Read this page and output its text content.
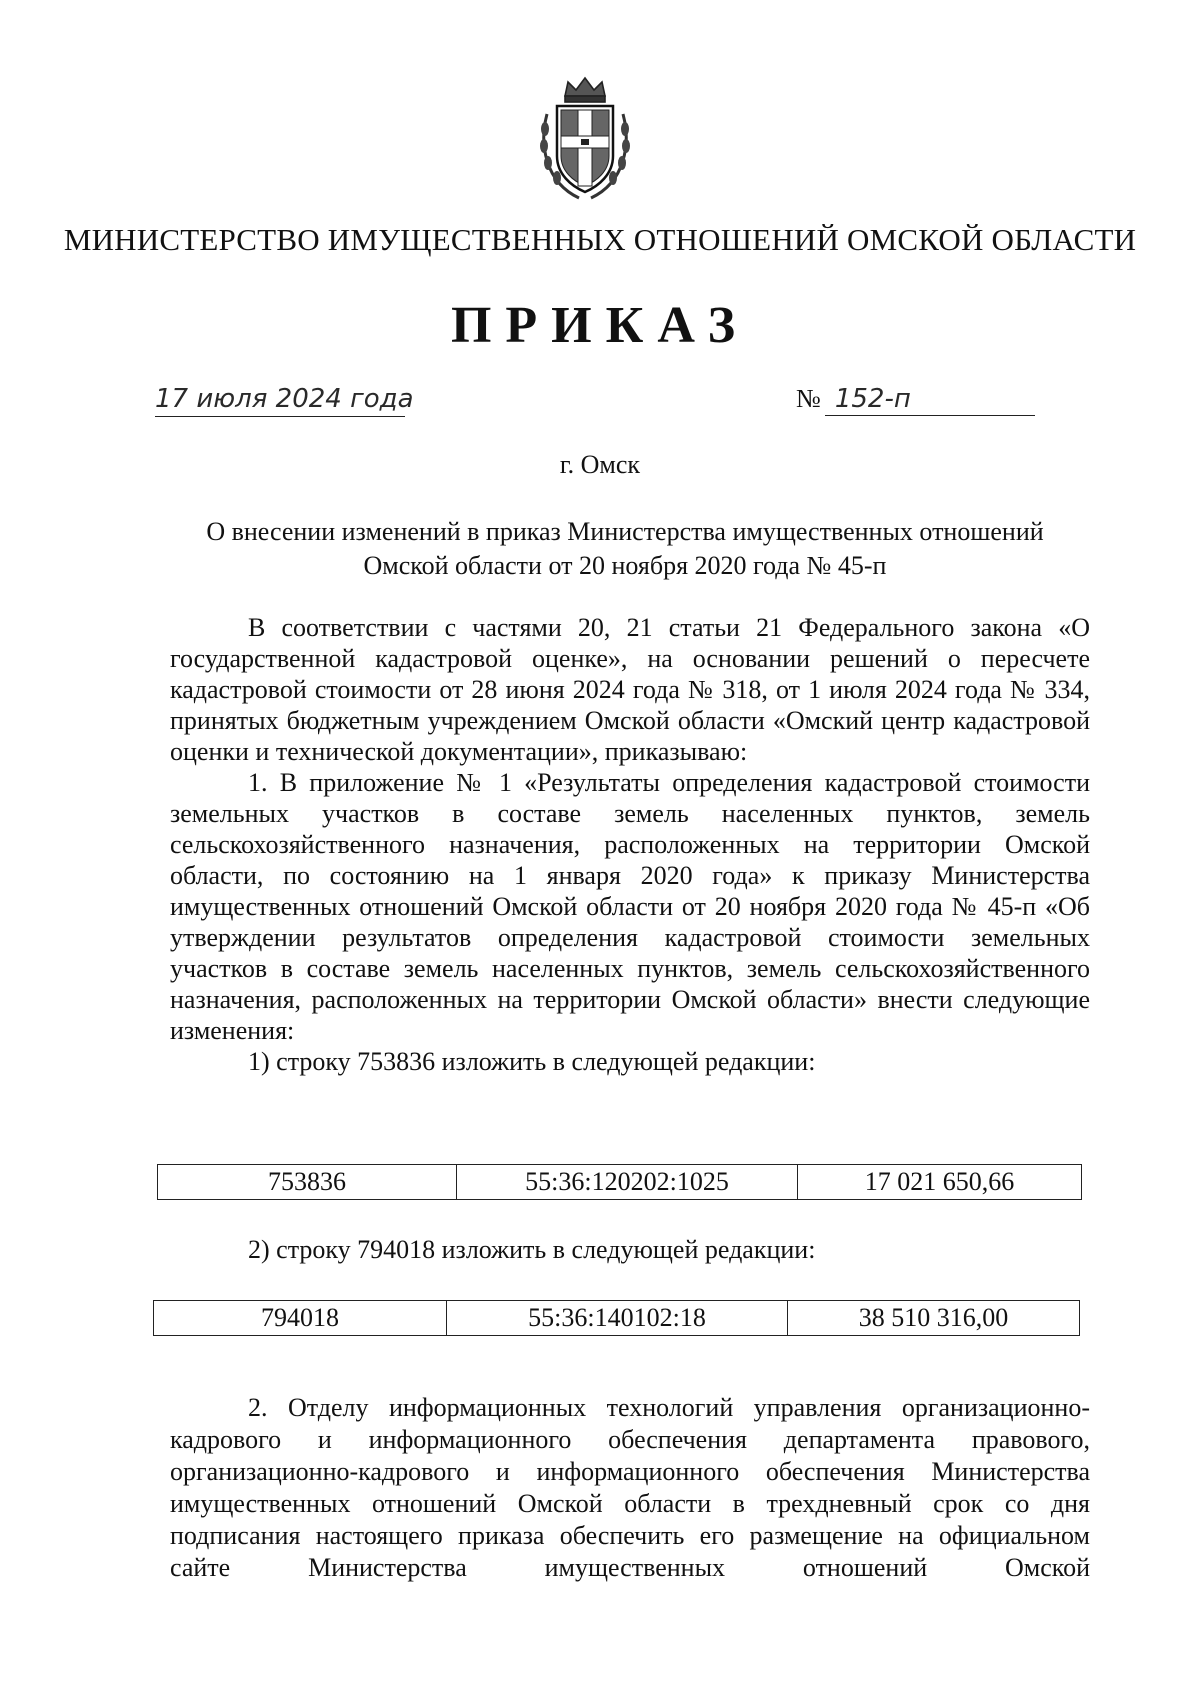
МИНИСТЕРСТВО ИМУЩЕСТВЕННЫХ ОТНОШЕНИЙ ОМСКОЙ ОБЛАСТИ
ПРИКАЗ
17 июля 2024 года	№ 152-п
г. Омск
О внесении изменений в приказ Министерства имущественных отношений
Омской области от 20 ноября 2020 года № 45-п

В соответствии с частями 20, 21 статьи 21 Федерального закона «О государственной кадастровой оценке», на основании решений о пересчете кадастровой стоимости от 28 июня 2024 года № 318, от 1 июля 2024 года № 334, принятых бюджетным учреждением Омской области «Омский центр кадастровой оценки и технической документации», приказываю:

1. В приложение № 1 «Результаты определения кадастровой стоимости земельных участков в составе земель населенных пунктов, земель сельскохозяйственного назначения, расположенных на территории Омской области, по состоянию на 1 января 2020 года» к приказу Министерства имущественных отношений Омской области от 20 ноября 2020 года № 45-п «Об утверждении результатов определения кадастровой стоимости земельных участков в составе земель населенных пунктов, земель сельскохозяйственного назначения, расположенных на территории Омской области» внести следующие изменения:

1) строку 753836 изложить в следующей редакции:

753836	55:36:120202:1025	17 021 650,66

2) строку 794018 изложить в следующей редакции:

794018	55:36:140102:18	38 510 316,00

2. Отделу информационных технологий управления организационно-кадрового и информационного обеспечения департамента правового, организационно-кадрового и информационного обеспечения Министерства имущественных отношений Омской области в трехдневный срок со дня подписания настоящего приказа обеспечить его размещение на официальном сайте Министерства имущественных отношений Омской
